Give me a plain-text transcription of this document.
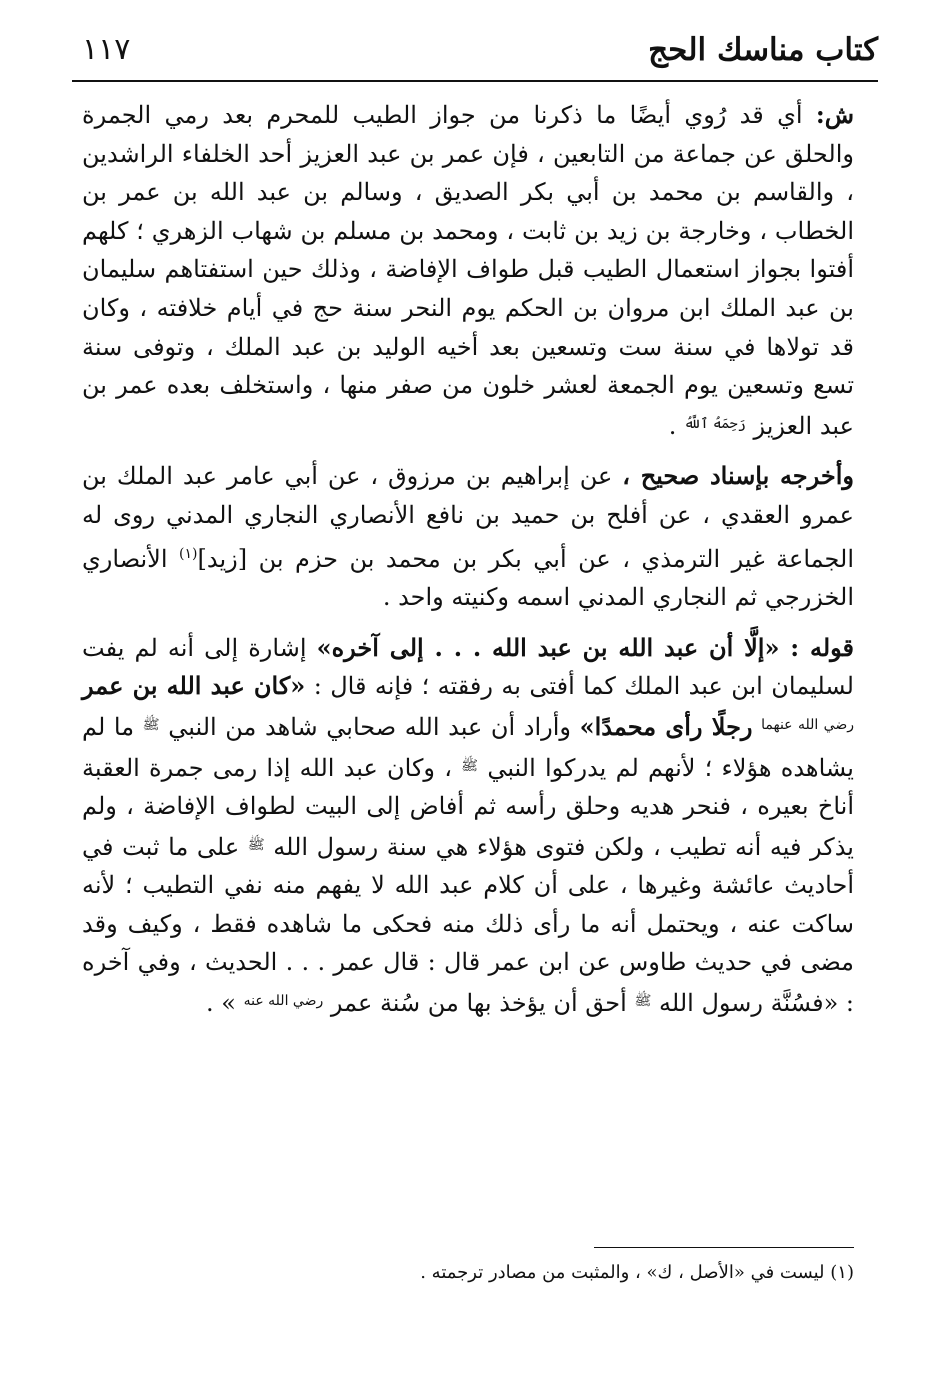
كتاب مناسك الحج
١١٧

ش: أي قد رُوي أيضًا ما ذكرنا من جواز الطيب للمحرم بعد رمي الجمرة والحلق عن جماعة من التابعين ، فإن عمر بن عبد العزيز أحد الخلفاء الراشدين ، والقاسم بن محمد بن أبي بكر الصديق ، وسالم بن عبد الله بن عمر بن الخطاب ، وخارجة بن زيد بن ثابت ، ومحمد بن مسلم بن شهاب الزهري ؛ كلهم أفتوا بجواز استعمال الطيب قبل طواف الإفاضة ، وذلك حين استفتاهم سليمان بن عبد الملك ابن مروان بن الحكم يوم النحر سنة حج في أيام خلافته ، وكان قد تولاها في سنة ست وتسعين بعد أخيه الوليد بن عبد الملك ، وتوفى سنة تسع وتسعين يوم الجمعة لعشر خلون من صفر منها ، واستخلف بعده عمر بن عبد العزيز $^{رَحِمَهُ ٱللَّهُ}$ .

وأخرجه بإسناد صحيح ، عن إبراهيم بن مرزوق ، عن أبي عامر عبد الملك بن عمرو العقدي ، عن أفلح بن حميد بن نافع الأنصاري النجاري المدني روى له الجماعة غير الترمذي ، عن أبي بكر بن محمد بن حزم بن [زيد]$^{(١)}$ الأنصاري الخزرجي ثم النجاري المدني اسمه وكنيته واحد .

قوله : «إلَّا أن عبد الله بن عبد الله . . . إلى آخره» إشارة إلى أنه لم يفت لسليمان ابن عبد الملك كما أفتى به رفقته ؛ فإنه قال : «كان عبد الله بن عمر $^{رضي الله عنهما}$ رجلًا رأى محمدًا» وأراد أن عبد الله صحابي شاهد من النبي $^ﷺ$ ما لم يشاهده هؤلاء ؛ لأنهم لم يدركوا النبي $^ﷺ$ ، وكان عبد الله إذا رمى جمرة العقبة أناخ بعيره ، فنحر هديه وحلق رأسه ثم أفاض إلى البيت لطواف الإفاضة ، ولم يذكر فيه أنه تطيب ، ولكن فتوى هؤلاء هي سنة رسول الله $^ﷺ$ على ما ثبت في أحاديث عائشة وغيرها ، على أن كلام عبد الله لا يفهم منه نفي التطيب ؛ لأنه ساكت عنه ، ويحتمل أنه ما رأى ذلك منه فحكى ما شاهده فقط ، وكيف وقد مضى في حديث طاوس عن ابن عمر قال : قال عمر . . . الحديث ، وفي آخره : «فسُنَّة رسول الله $^ﷺ$ أحق أن يؤخذ بها من سُنة عمر $^{رضي الله عنه}$ » .

(١) ليست في «الأصل ، ك» ، والمثبت من مصادر ترجمته .
